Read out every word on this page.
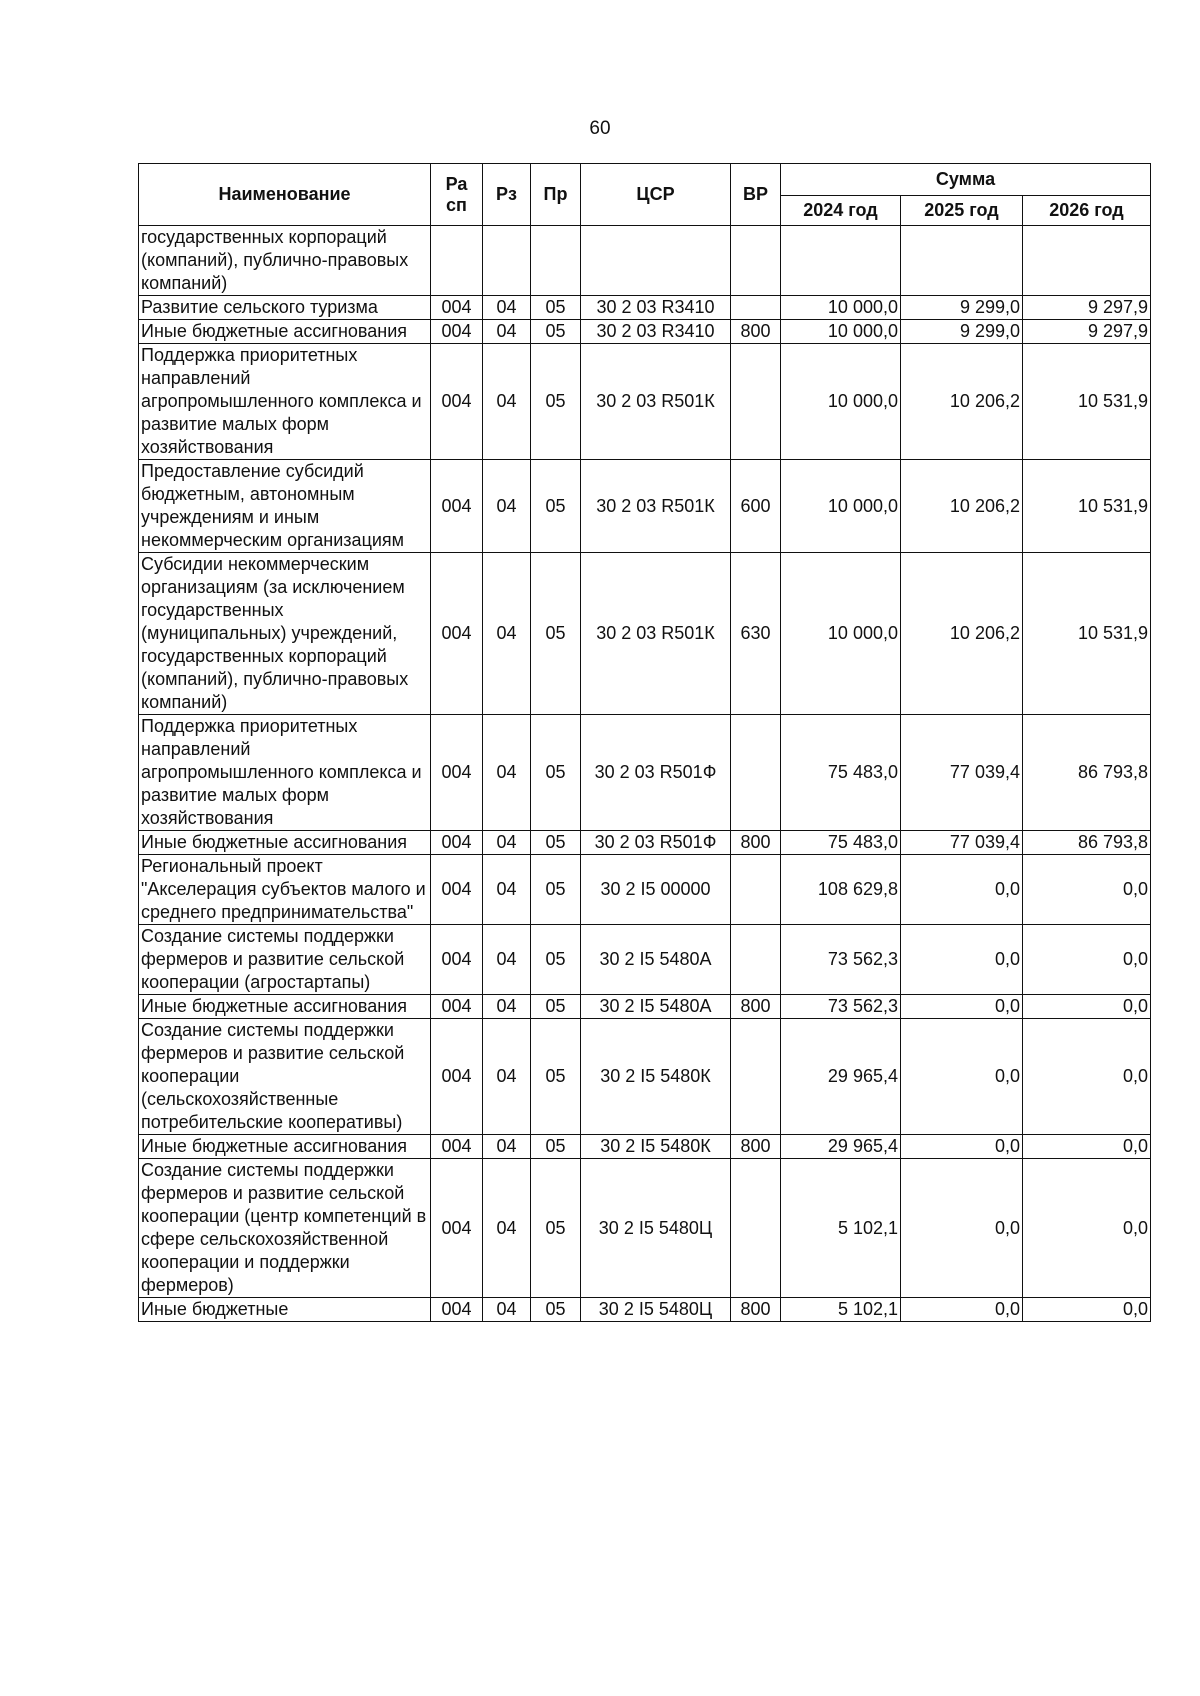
60
Наименование	Ра сп	Рз	Пр	ЦСР	ВР	Сумма		
						2024 год	2025 год	2026 год
государственных корпораций (компаний), публично-правовых компаний)								
Развитие сельского туризма	004	04	05	30 2 03 R3410		10 000,0	9 299,0	9 297,9
Иные бюджетные ассигнования	004	04	05	30 2 03 R3410	800	10 000,0	9 299,0	9 297,9
Поддержка приоритетных направлений агропромышленного комплекса и развитие малых форм хозяйствования	004	04	05	30 2 03 R501К		10 000,0	10 206,2	10 531,9
Предоставление субсидий бюджетным, автономным учреждениям и иным некоммерческим организациям	004	04	05	30 2 03 R501К	600	10 000,0	10 206,2	10 531,9
Субсидии некоммерческим организациям (за исключением государственных (муниципальных) учреждений, государственных корпораций (компаний), публично-правовых компаний)	004	04	05	30 2 03 R501К	630	10 000,0	10 206,2	10 531,9
Поддержка приоритетных направлений агропромышленного комплекса и развитие малых форм хозяйствования	004	04	05	30 2 03 R501Ф		75 483,0	77 039,4	86 793,8
Иные бюджетные ассигнования	004	04	05	30 2 03 R501Ф	800	75 483,0	77 039,4	86 793,8
Региональный проект "Акселерация субъектов малого и среднего предпринимательства"	004	04	05	30 2 I5 00000		108 629,8	0,0	0,0
Создание системы поддержки фермеров и развитие сельской кооперации (агростартапы)	004	04	05	30 2 I5 5480А		73 562,3	0,0	0,0
Иные бюджетные ассигнования	004	04	05	30 2 I5 5480А	800	73 562,3	0,0	0,0
Создание системы поддержки фермеров и развитие сельской кооперации (сельскохозяйственные потребительские кооперативы)	004	04	05	30 2 I5 5480К		29 965,4	0,0	0,0
Иные бюджетные ассигнования	004	04	05	30 2 I5 5480К	800	29 965,4	0,0	0,0
Создание системы поддержки фермеров и развитие сельской кооперации (центр компетенций в сфере сельскохозяйственной кооперации и поддержки фермеров)	004	04	05	30 2 I5 5480Ц		5 102,1	0,0	0,0
Иные бюджетные	004	04	05	30 2 I5 5480Ц	800	5 102,1	0,0	0,0
